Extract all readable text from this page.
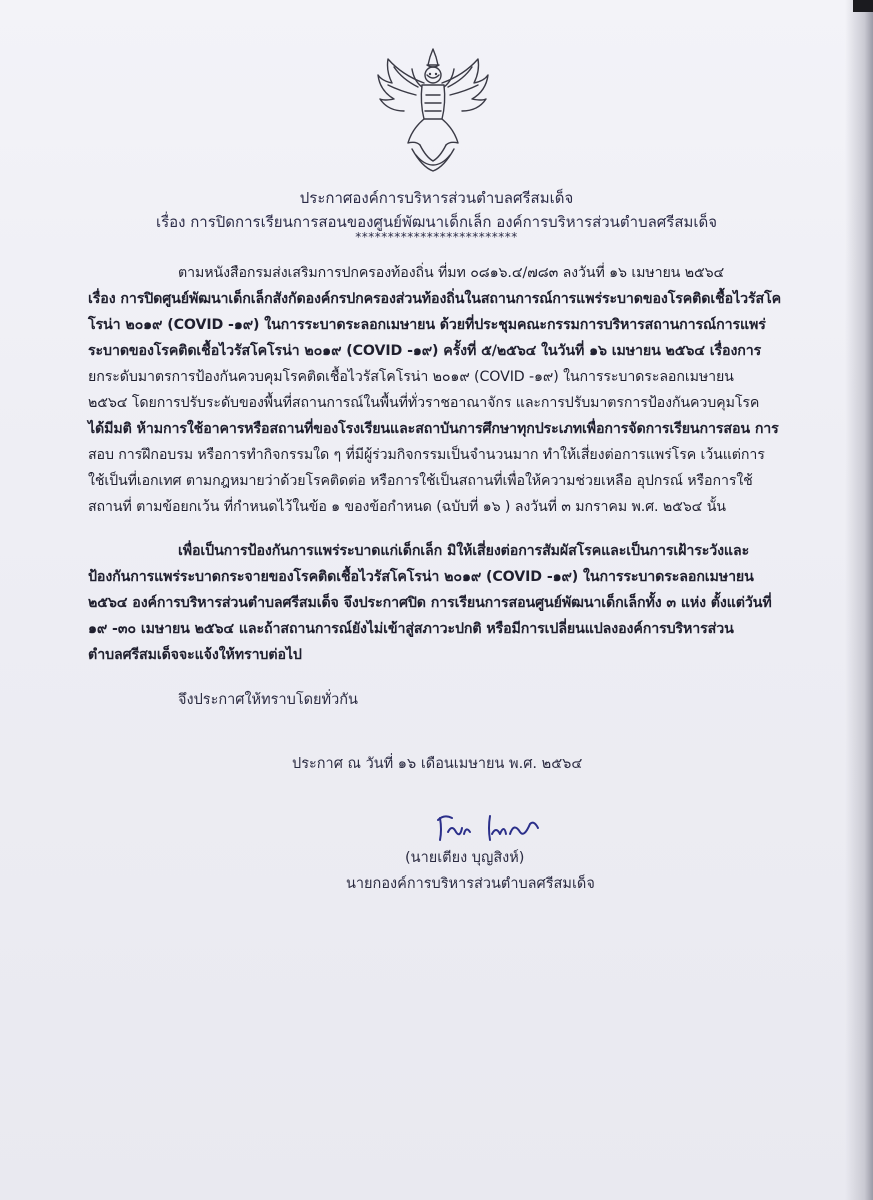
ประกาศองค์การบริหารส่วนตำบลศรีสมเด็จ
เรื่อง การปิดการเรียนการสอนของศูนย์พัฒนาเด็กเล็ก องค์การบริหารส่วนตำบลศรีสมเด็จ
*************************
ตามหนังสือกรมส่งเสริมการปกครองท้องถิ่น ที่มท ๐๘๑๖.๔/๗๘๓ ลงวันที่ ๑๖ เมษายน ๒๕๖๔
เรื่อง การปิดศูนย์พัฒนาเด็กเล็กสังกัดองค์กรปกครองส่วนท้องถิ่นในสถานการณ์การแพร่ระบาดของโรคติดเชื้อไวรัสโค
โรน่า ๒๐๑๙ (COVID -๑๙) ในการระบาดระลอกเมษายน ด้วยที่ประชุมคณะกรรมการบริหารสถานการณ์การแพร่
ระบาดของโรคติดเชื้อไวรัสโคโรน่า ๒๐๑๙ (COVID -๑๙) ครั้งที่ ๕/๒๕๖๔ ในวันที่ ๑๖ เมษายน ๒๕๖๔ เรื่องการ
ยกระดับมาตรการป้องกันควบคุมโรคติดเชื้อไวรัสโคโรน่า ๒๐๑๙ (COVID -๑๙) ในการระบาดระลอกเมษายน
๒๕๖๔ โดยการปรับระดับของพื้นที่สถานการณ์ในพื้นที่ทั่วราชอาณาจักร และการปรับมาตรการป้องกันควบคุมโรค
ได้มีมติ ห้ามการใช้อาคารหรือสถานที่ของโรงเรียนและสถาบันการศึกษาทุกประเภทเพื่อการจัดการเรียนการสอน การ
สอบ การฝึกอบรม หรือการทำกิจกรรมใด ๆ ที่มีผู้ร่วมกิจกรรมเป็นจำนวนมาก ทำให้เสี่ยงต่อการแพร่โรค เว้นแต่การ
ใช้เป็นที่เอกเทศ ตามกฎหมายว่าด้วยโรคติดต่อ หรือการใช้เป็นสถานที่เพื่อให้ความช่วยเหลือ อุปกรณ์ หรือการใช้
สถานที่ ตามข้อยกเว้น ที่กำหนดไว้ในข้อ ๑ ของข้อกำหนด (ฉบับที่ ๑๖ ) ลงวันที่ ๓ มกราคม พ.ศ. ๒๕๖๔ นั้น
เพื่อเป็นการป้องกันการแพร่ระบาดแก่เด็กเล็ก มิให้เสี่ยงต่อการสัมผัสโรคและเป็นการเฝ้าระวังและ
ป้องกันการแพร่ระบาดกระจายของโรคติดเชื้อไวรัสโคโรน่า ๒๐๑๙ (COVID -๑๙) ในการระบาดระลอกเมษายน
๒๕๖๔ องค์การบริหารส่วนตำบลศรีสมเด็จ จึงประกาศปิด การเรียนการสอนศูนย์พัฒนาเด็กเล็กทั้ง ๓ แห่ง ตั้งแต่วันที่
๑๙ -๓๐ เมษายน ๒๕๖๔ และถ้าสถานการณ์ยังไม่เข้าสู่สภาวะปกติ หรือมีการเปลี่ยนแปลงองค์การบริหารส่วน
ตำบลศรีสมเด็จจะแจ้งให้ทราบต่อไป
จึงประกาศให้ทราบโดยทั่วกัน
ประกาศ ณ วันที่ ๑๖ เดือนเมษายน พ.ศ. ๒๕๖๔
(นายเตียง บุญสิงห์)
นายกองค์การบริหารส่วนตำบลศรีสมเด็จ
